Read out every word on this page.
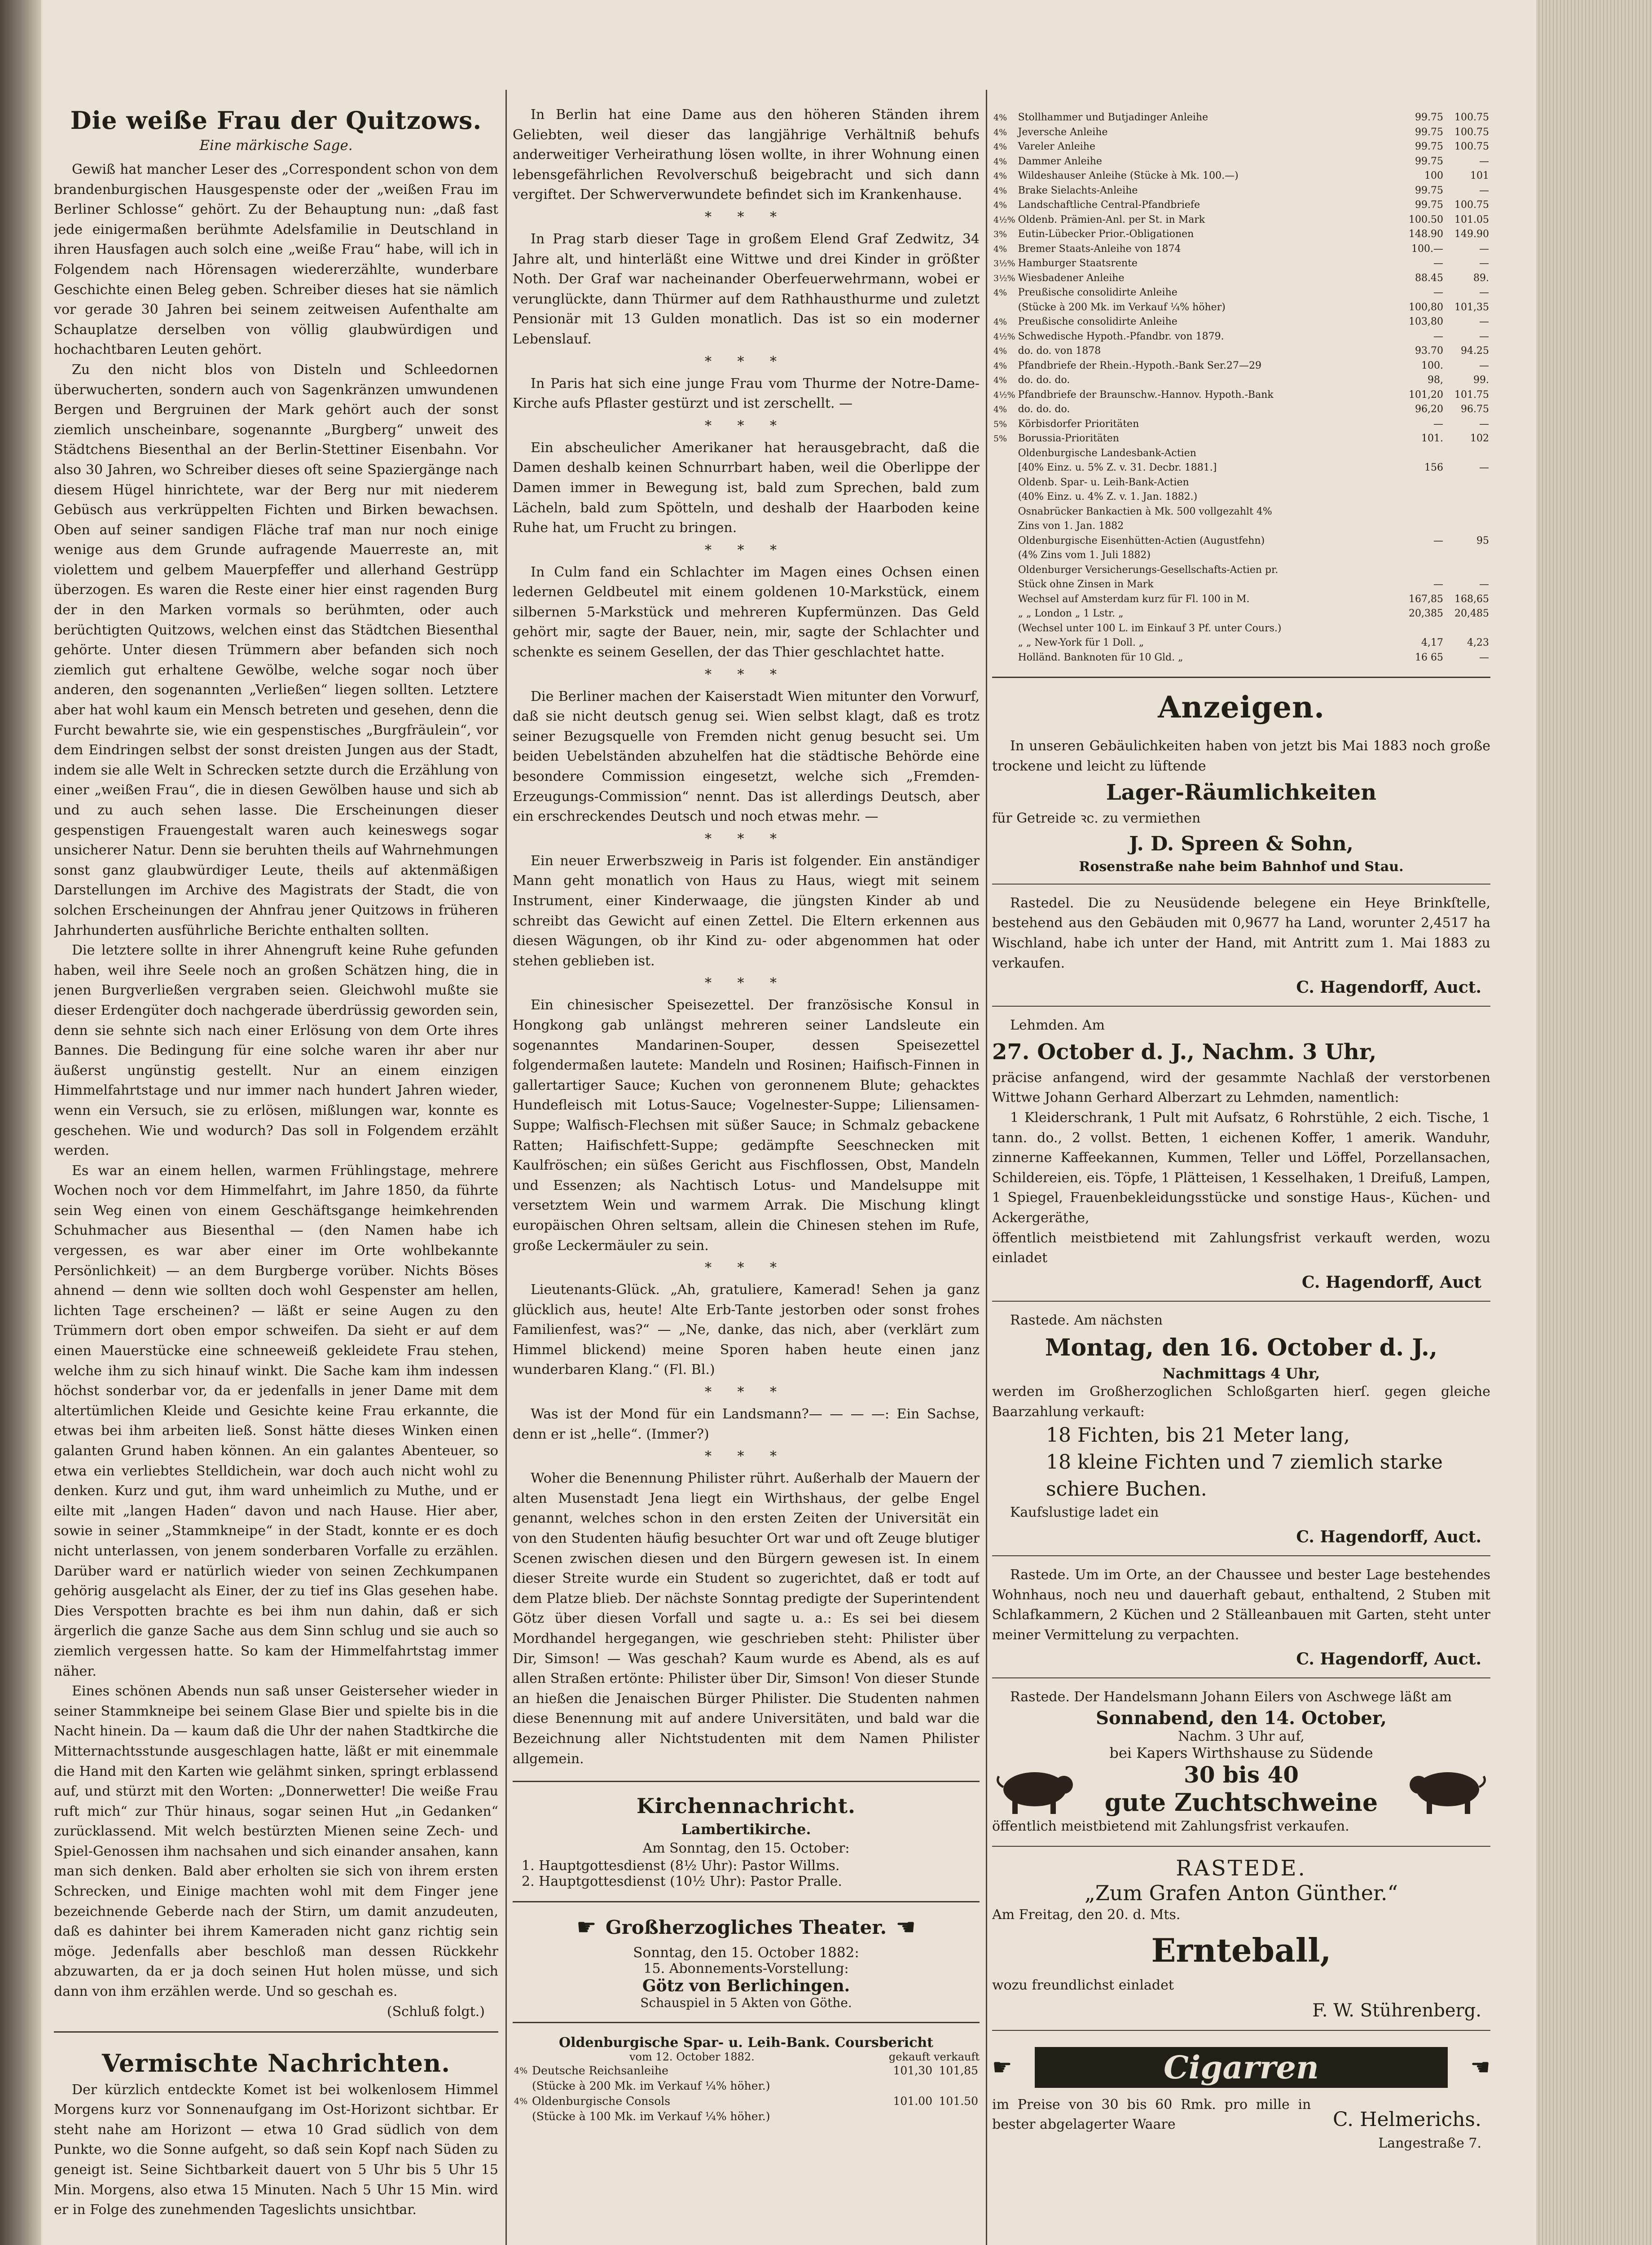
Die weiße Frau der Quitzows.
Eine märkische Sage.

Gewiß hat mancher Leser des „Correspondent schon von dem brandenburgischen Hausgespenste oder der „weißen Frau im Berliner Schlosse“ gehört. Zu der Behauptung nun: „daß fast jede einigermaßen berühmte Adelsfamilie in Deutschland in ihren Hausfagen auch solch eine „weiße Frau“ habe, will ich in Folgendem nach Hörensagen wiedererzählte, wunderbare Geschichte einen Beleg geben. Schreiber dieses hat sie nämlich vor gerade 30 Jahren bei seinem zeitweisen Aufenthalte am Schauplatze derselben von völlig glaubwürdigen und hochachtbaren Leuten gehört.

Zu den nicht blos von Disteln und Schleedornen überwucherten, sondern auch von Sagenkränzen umwundenen Bergen und Bergruinen der Mark gehört auch der sonst ziemlich unscheinbare, sogenannte „Burgberg“ unweit des Städtchens Biesenthal an der Berlin-Stettiner Eisenbahn. Vor also 30 Jahren, wo Schreiber dieses oft seine Spaziergänge nach diesem Hügel hinrichtete, war der Berg nur mit niederem Gebüsch aus verkrüppelten Fichten und Birken bewachsen. Oben auf seiner sandigen Fläche traf man nur noch einige wenige aus dem Grunde aufragende Mauerreste an, mit violettem und gelbem Mauerpfeffer und allerhand Gestrüpp überzogen. Es waren die Reste einer hier einst ragenden Burg der in den Marken vormals so berühmten, oder auch berüchtigten Quitzows, welchen einst das Städtchen Biesenthal gehörte. Unter diesen Trümmern aber befanden sich noch ziemlich gut erhaltene Gewölbe, welche sogar noch über anderen, den sogenannten „Verließen“ liegen sollten. Letztere aber hat wohl kaum ein Mensch betreten und gesehen, denn die Furcht bewahrte sie, wie ein gespenstisches „Burgfräulein“, vor dem Eindringen selbst der sonst dreisten Jungen aus der Stadt, indem sie alle Welt in Schrecken setzte durch die Erzählung von einer „weißen Frau“, die in diesen Gewölben hause und sich ab und zu auch sehen lasse. Die Erscheinungen dieser gespenstigen Frauengestalt waren auch keineswegs sogar unsicherer Natur. Denn sie beruhten theils auf Wahrnehmungen sonst ganz glaubwürdiger Leute, theils auf aktenmäßigen Darstellungen im Archive des Magistrats der Stadt, die von solchen Erscheinungen der Ahnfrau jener Quitzows in früheren Jahrhunderten ausführliche Berichte enthalten sollten.

Die letztere sollte in ihrer Ahnengruft keine Ruhe gefunden haben, weil ihre Seele noch an großen Schätzen hing, die in jenen Burgverließen vergraben seien. Gleichwohl mußte sie dieser Erdengüter doch nachgerade überdrüssig geworden sein, denn sie sehnte sich nach einer Erlösung von dem Orte ihres Bannes. Die Bedingung für eine solche waren ihr aber nur äußerst ungünstig gestellt. Nur an einem einzigen Himmelfahrtstage und nur immer nach hundert Jahren wieder, wenn ein Versuch, sie zu erlösen, mißlungen war, konnte es geschehen. Wie und wodurch? Das soll in Folgendem erzählt werden.

Es war an einem hellen, warmen Frühlingstage, mehrere Wochen noch vor dem Himmelfahrt, im Jahre 1850, da führte sein Weg einen von einem Geschäftsgange heimkehrenden Schuhmacher aus Biesenthal — (den Namen habe ich vergessen, es war aber einer im Orte wohlbekannte Persönlichkeit) — an dem Burgberge vorüber. Nichts Böses ahnend — denn wie sollten doch wohl Gespenster am hellen, lichten Tage erscheinen? — läßt er seine Augen zu den Trümmern dort oben empor schweifen. Da sieht er auf dem einen Mauerstücke eine schneeweiß gekleidete Frau stehen, welche ihm zu sich hinauf winkt. Die Sache kam ihm indessen höchst sonderbar vor, da er jedenfalls in jener Dame mit dem altertümlichen Kleide und Gesichte keine Frau erkannte, die etwas bei ihm arbeiten ließ. Sonst hätte dieses Winken einen galanten Grund haben können. An ein galantes Abenteuer, so etwa ein verliebtes Stelldichein, war doch auch nicht wohl zu denken. Kurz und gut, ihm ward unheimlich zu Muthe, und er eilte mit „langen Haden“ davon und nach Hause. Hier aber, sowie in seiner „Stammkneipe“ in der Stadt, konnte er es doch nicht unterlassen, von jenem sonderbaren Vorfalle zu erzählen. Darüber ward er natürlich wieder von seinen Zechkumpanen gehörig ausgelacht als Einer, der zu tief ins Glas gesehen habe. Dies Verspotten brachte es bei ihm nun dahin, daß er sich ärgerlich die ganze Sache aus dem Sinn schlug und sie auch so ziemlich vergessen hatte. So kam der Himmelfahrtstag immer näher.

Eines schönen Abends nun saß unser Geisterseher wieder in seiner Stammkneipe bei seinem Glase Bier und spielte bis in die Nacht hinein. Da — kaum daß die Uhr der nahen Stadtkirche die Mitternachtsstunde ausgeschlagen hatte, läßt er mit einemmale die Hand mit den Karten wie gelähmt sinken, springt erblassend auf, und stürzt mit den Worten: „Donnerwetter! Die weiße Frau ruft mich“ zur Thür hinaus, sogar seinen Hut „in Gedanken“ zurücklassend. Mit welch bestürzten Mienen seine Zech- und Spiel-Genossen ihm nachsahen und sich einander ansahen, kann man sich denken. Bald aber erholten sie sich von ihrem ersten Schrecken, und Einige machten wohl mit dem Finger jene bezeichnende Geberde nach der Stirn, um damit anzudeuten, daß es dahinter bei ihrem Kameraden nicht ganz richtig sein möge. Jedenfalls aber beschloß man dessen Rückkehr abzuwarten, da er ja doch seinen Hut holen müsse, und sich dann von ihm erzählen werde. Und so geschah es.

(Schluß folgt.)
Vermischte Nachrichten.

Der kürzlich entdeckte Komet ist bei wolkenlosem Himmel Morgens kurz vor Sonnenaufgang im Ost-Horizont sichtbar. Er steht nahe am Horizont — etwa 10 Grad südlich von dem Punkte, wo die Sonne aufgeht, so daß sein Kopf nach Süden zu geneigt ist. Seine Sichtbarkeit dauert von 5 Uhr bis 5 Uhr 15 Min. Morgens, also etwa 15 Minuten. Nach 5 Uhr 15 Min. wird er in Folge des zunehmenden Tageslichts unsichtbar.

In Berlin hat eine Dame aus den höheren Ständen ihrem Geliebten, weil dieser das langjährige Verhältniß behufs anderweitiger Verheirathung lösen wollte, in ihrer Wohnung einen lebensgefährlichen Revolverschuß beigebracht und sich dann vergiftet. Der Schwerverwundete befindet sich im Krankenhause.

* * *

In Prag starb dieser Tage in großem Elend Graf Zedwitz, 34 Jahre alt, und hinterläßt eine Wittwe und drei Kinder in größter Noth. Der Graf war nacheinander Oberfeuerwehrmann, wobei er verunglückte, dann Thürmer auf dem Rathhausthurme und zuletzt Pensionär mit 13 Gulden monatlich. Das ist so ein moderner Lebenslauf.

* * *

In Paris hat sich eine junge Frau vom Thurme der Notre-Dame-Kirche aufs Pflaster gestürzt und ist zerschellt. —

* * *

Ein abscheulicher Amerikaner hat herausgebracht, daß die Damen deshalb keinen Schnurrbart haben, weil die Oberlippe der Damen immer in Bewegung ist, bald zum Sprechen, bald zum Lächeln, bald zum Spötteln, und deshalb der Haarboden keine Ruhe hat, um Frucht zu bringen.

* * *

In Culm fand ein Schlachter im Magen eines Ochsen einen ledernen Geldbeutel mit einem goldenen 10-Markstück, einem silbernen 5-Markstück und mehreren Kupfermünzen. Das Geld gehört mir, sagte der Bauer, nein, mir, sagte der Schlachter und schenkte es seinem Gesellen, der das Thier geschlachtet hatte.

* * *

Die Berliner machen der Kaiserstadt Wien mitunter den Vorwurf, daß sie nicht deutsch genug sei. Wien selbst klagt, daß es trotz seiner Bezugsquelle von Fremden nicht genug besucht sei. Um beiden Uebelständen abzuhelfen hat die städtische Behörde eine besondere Commission eingesetzt, welche sich „Fremden-Erzeugungs-Commission“ nennt. Das ist allerdings Deutsch, aber ein erschreckendes Deutsch und noch etwas mehr. —

* * *

Ein neuer Erwerbszweig in Paris ist folgender. Ein anständiger Mann geht monatlich von Haus zu Haus, wiegt mit seinem Instrument, einer Kinderwaage, die jüngsten Kinder ab und schreibt das Gewicht auf einen Zettel. Die Eltern erkennen aus diesen Wägungen, ob ihr Kind zu- oder abgenommen hat oder stehen geblieben ist.

* * *

Ein chinesischer Speisezettel. Der französische Konsul in Hongkong gab unlängst mehreren seiner Landsleute ein sogenanntes Mandarinen-Souper, dessen Speisezettel folgendermaßen lautete: Mandeln und Rosinen; Haifisch-Finnen in gallertartiger Sauce; Kuchen von geronnenem Blute; gehacktes Hundefleisch mit Lotus-Sauce; Vogelnester-Suppe; Liliensamen-Suppe; Walfisch-Flechsen mit süßer Sauce; in Schmalz gebackene Ratten; Haifischfett-Suppe; gedämpfte Seeschnecken mit Kaulfröschen; ein süßes Gericht aus Fischflossen, Obst, Mandeln und Essenzen; als Nachtisch Lotus- und Mandelsuppe mit versetztem Wein und warmem Arrak. Die Mischung klingt europäischen Ohren seltsam, allein die Chinesen stehen im Rufe, große Leckermäuler zu sein.

* * *

Lieutenants-Glück. „Ah, gratuliere, Kamerad! Sehen ja ganz glücklich aus, heute! Alte Erb-Tante jestorben oder sonst frohes Familienfest, was?“ — „Ne, danke, das nich, aber (verklärt zum Himmel blickend) meine Sporen haben heute einen janz wunderbaren Klang.“ (Fl. Bl.)

* * *

Was ist der Mond für ein Landsmann?— — — —: Ein Sachse, denn er ist „helle“. (Immer?)

* * *

Woher die Benennung Philister rührt. Außerhalb der Mauern der alten Musenstadt Jena liegt ein Wirthshaus, der gelbe Engel genannt, welches schon in den ersten Zeiten der Universität ein von den Studenten häufig besuchter Ort war und oft Zeuge blutiger Scenen zwischen diesen und den Bürgern gewesen ist. In einem dieser Streite wurde ein Student so zugerichtet, daß er todt auf dem Platze blieb. Der nächste Sonntag predigte der Superintendent Götz über diesen Vorfall und sagte u. a.: Es sei bei diesem Mordhandel hergegangen, wie geschrieben steht: Philister über Dir, Simson! — Was geschah? Kaum wurde es Abend, als es auf allen Straßen ertönte: Philister über Dir, Simson! Von dieser Stunde an hießen die Jenaischen Bürger Philister. Die Studenten nahmen diese Benennung mit auf andere Universitäten, und bald war die Bezeichnung aller Nichtstudenten mit dem Namen Philister allgemein.

Kirchennachricht.
Lambertikirche.
Am Sonntag, den 15. October:
1. Hauptgottesdienst (8½ Uhr): Pastor Willms.
2. Hauptgottesdienst (10½ Uhr): Pastor Pralle.
☛ Großherzogliches Theater. ☚
Sonntag, den 15. October 1882:
15. Abonnements-Vorstellung:
Götz von Berlichingen.
Schauspiel in 5 Akten von Göthe.
Oldenburgische Spar- u. Leih-Bank. Coursbericht
vom 12. October 1882.	gekauft verkauft
4%	Deutsche Reichsanleihe	101,30	101,85
	(Stücke à 200 Mk. im Verkauf ¼% höher.)		
4%	Oldenburgische Consols	101.00	101.50
	(Stücke à 100 Mk. im Verkauf ¼% höher.)		
4%	Stollhammer und Butjadinger Anleihe	99.75	100.75
4%	Jeversche Anleihe	99.75	100.75
4%	Vareler Anleihe	99.75	100.75
4%	Dammer Anleihe	99.75	—
4%	Wildeshauser Anleihe (Stücke à Mk. 100.—)	100	101
4%	Brake Sielachts-Anleihe	99.75	—
4%	Landschaftliche Central-Pfandbriefe	99.75	100.75
4½%	Oldenb. Prämien-Anl. per St. in Mark	100.50	101.05
3%	Eutin-Lübecker Prior.-Obligationen	148.90	149.90
4%	Bremer Staats-Anleihe von 1874	100.—	—
3½%	Hamburger Staatsrente	—	—
3½%	Wiesbadener Anleihe	88.45	89.
4%	Preußische consolidirte Anleihe	—	—
	(Stücke à 200 Mk. im Verkauf ¼% höher)	100,80	101,35
4%	Preußische consolidirte Anleihe	103,80	—
4½%	Schwedische Hypoth.-Pfandbr. von 1879.	—	—
4%	do. do. von 1878	93.70	94.25
4%	Pfandbriefe der Rhein.-Hypoth.-Bank Ser.27—29	100.	—
4%	do. do. do.	98,	99.
4½%	Pfandbriefe der Braunschw.-Hannov. Hypoth.-Bank	101,20	101.75
4%	do. do. do.	96,20	96.75
5%	Körbisdorfer Prioritäten	—	—
5%	Borussia-Prioritäten	101.	102
	Oldenburgische Landesbank-Actien		
	[40% Einz. u. 5% Z. v. 31. Decbr. 1881.]	156	—
	Oldenb. Spar- u. Leih-Bank-Actien		
	(40% Einz. u. 4% Z. v. 1. Jan. 1882.)		
	Osnabrücker Bankactien à Mk. 500 vollgezahlt 4%		
	Zins von 1. Jan. 1882		
	Oldenburgische Eisenhütten-Actien (Augustfehn)	—	95
	(4% Zins vom 1. Juli 1882)		
	Oldenburger Versicherungs-Gesellschafts-Actien pr.		
	Stück ohne Zinsen in Mark	—	—
	Wechsel auf Amsterdam kurz für Fl. 100 in M.	167,85	168,65
	„ „ London „ 1 Lstr. „	20,385	20,485
	(Wechsel unter 100 L. im Einkauf 3 Pf. unter Cours.)		
	„ „ New-York für 1 Doll. „	4,17	4,23
	Holländ. Banknoten für 10 Gld. „	16 65	—
Anzeigen.

In unseren Gebäulichkeiten haben von jetzt bis Mai 1883 noch große trockene und leicht zu lüftende

Lager-Räumlichkeiten

für Getreide ꝛc. zu vermiethen

J. D. Spreen & Sohn,
Rosenstraße nahe beim Bahnhof und Stau.

Rastedel. Die zu Neusüdende belegene ein Heye Brinkſtelle, bestehend aus den Gebäuden mit 0,9677 ha Land, worunter 2,4517 ha Wischland, habe ich unter der Hand, mit Antritt zum 1. Mai 1883 zu verkaufen.

C. Hagendorff, Auct.

Lehmden. Am

27. October d. J., Nachm. 3 Uhr,

präcise anfangend, wird der gesammte Nachlaß der verstorbenen Wittwe Johann Gerhard Alberzart zu Lehmden, namentlich:

1 Kleiderschrank, 1 Pult mit Aufsatz, 6 Rohrstühle, 2 eich. Tische, 1 tann. do., 2 vollst. Betten, 1 eichenen Koffer, 1 amerik. Wanduhr, zinnerne Kaffeekannen, Kummen, Teller und Löffel, Porzellansachen, Schildereien, eis. Töpfe, 1 Plätteisen, 1 Kesselhaken, 1 Dreifuß, Lampen, 1 Spiegel, Frauenbekleidungsstücke und sonstige Haus-, Küchen- und Ackergeräthe,

öffentlich meistbietend mit Zahlungsfrist verkauft werden, wozu einladet

C. Hagendorff, Auct

Rastede. Am nächsten

Montag, den 16. October d. J.,
Nachmittags 4 Uhr,

werden im Großherzoglichen Schloßgarten hierſ. gegen gleiche Baarzahlung verkauft:

18 Fichten, bis 21 Meter lang,
18 kleine Fichten und 7 ziemlich starke
schiere Buchen.

Kaufslustige ladet ein

C. Hagendorff, Auct.

Rastede. Um im Orte, an der Chaussee und bester Lage bestehendes Wohnhaus, noch neu und dauerhaft gebaut, enthaltend, 2 Stuben mit Schlafkammern, 2 Küchen und 2 Ställeanbauen mit Garten, steht unter meiner Vermittelung zu verpachten.

C. Hagendorff, Auct.

Rastede. Der Handelsmann Johann Eilers von Aschwege läßt am

Sonnabend, den 14. October,
Nachm. 3 Uhr auf,
bei Kapers Wirthshause zu Südende
30 bis 40
gute Zuchtschweine

öffentlich meistbietend mit Zahlungsfrist verkaufen.

RASTEDE.
„Zum Grafen Anton Günther.“

Am Freitag, den 20. d. Mts.

Ernteball,

wozu freundlichst einladet

F. W. Stührenberg.
☛	Cigarren	☚

im Preise von 30 bis 60 Rmk. pro mille in bester abgelagerter Waare	C. Helmerichs.
Langestraße 7.
